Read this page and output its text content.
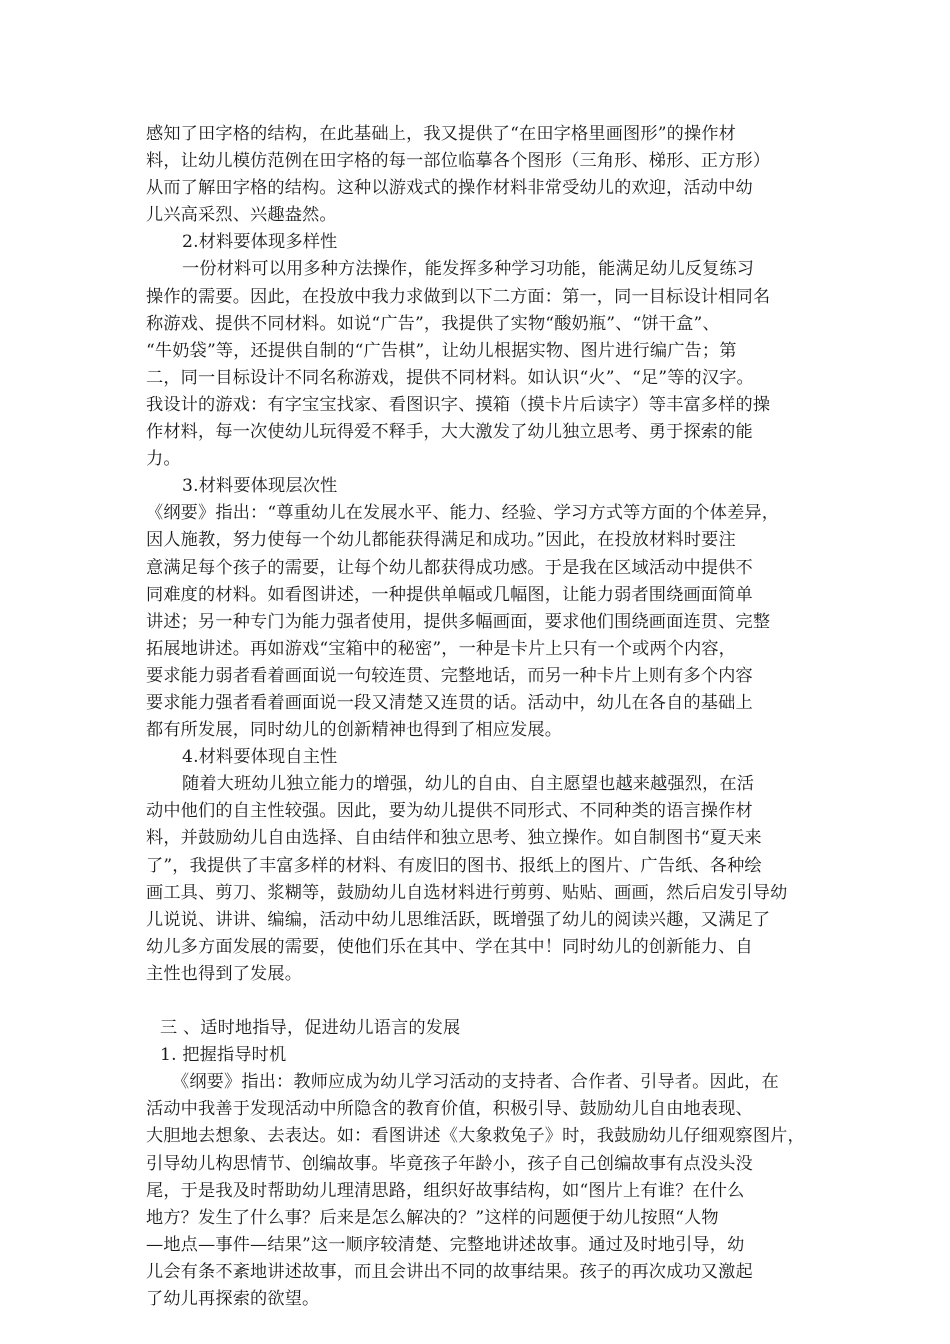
感知了田字格的结构，在此基础上，我又提供了“在田字格里画图形”的操作材
料，让幼儿模仿范例在田字格的每一部位临摹各个图形（三角形、梯形、正方形）
从而了解田字格的结构。这种以游戏式的操作材料非常受幼儿的欢迎，活动中幼
儿兴高采烈、兴趣盎然。
2.材料要体现多样性
一份材料可以用多种方法操作，能发挥多种学习功能，能满足幼儿反复练习
操作的需要。因此，在投放中我力求做到以下二方面：第一，同一目标设计相同名
称游戏、提供不同材料。如说“广告”，我提供了实物“酸奶瓶”、“饼干盒”、
“牛奶袋”等，还提供自制的“广告棋”，让幼儿根据实物、图片进行编广告；第
二，同一目标设计不同名称游戏，提供不同材料。如认识“火”、“足”等的汉字。
我设计的游戏：有字宝宝找家、看图识字、摸箱（摸卡片后读字）等丰富多样的操
作材料，每一次使幼儿玩得爱不释手，大大激发了幼儿独立思考、勇于探索的能
力。
3.材料要体现层次性
《纲要》指出：“尊重幼儿在发展水平、能力、经验、学习方式等方面的个体差异，
因人施教，努力使每一个幼儿都能获得满足和成功。”因此，在投放材料时要注
意满足每个孩子的需要，让每个幼儿都获得成功感。于是我在区域活动中提供不
同难度的材料。如看图讲述，一种提供单幅或几幅图，让能力弱者围绕画面简单
讲述；另一种专门为能力强者使用，提供多幅画面，要求他们围绕画面连贯、完整
拓展地讲述。再如游戏“宝箱中的秘密”，一种是卡片上只有一个或两个内容，
要求能力弱者看着画面说一句较连贯、完整地话，而另一种卡片上则有多个内容
要求能力强者看着画面说一段又清楚又连贯的话。活动中，幼儿在各自的基础上
都有所发展，同时幼儿的创新精神也得到了相应发展。
4.材料要体现自主性
随着大班幼儿独立能力的增强，幼儿的自由、自主愿望也越来越强烈，在活
动中他们的自主性较强。因此，要为幼儿提供不同形式、不同种类的语言操作材
料，并鼓励幼儿自由选择、自由结伴和独立思考、独立操作。如自制图书“夏天来
了”，我提供了丰富多样的材料、有废旧的图书、报纸上的图片、广告纸、各种绘
画工具、剪刀、浆糊等，鼓励幼儿自选材料进行剪剪、贴贴、画画，然后启发引导幼
儿说说、讲讲、编编，活动中幼儿思维活跃，既增强了幼儿的阅读兴趣，又满足了
幼儿多方面发展的需要，使他们乐在其中、学在其中！同时幼儿的创新能力、自
主性也得到了发展。
三 、适时地指导，促进幼儿语言的发展
1. 把握指导时机
《纲要》指出：教师应成为幼儿学习活动的支持者、合作者、引导者。因此，在
活动中我善于发现活动中所隐含的教育价值，积极引导、鼓励幼儿自由地表现、
大胆地去想象、去表达。如：看图讲述《大象救兔子》时，我鼓励幼儿仔细观察图片，
引导幼儿构思情节、创编故事。毕竟孩子年龄小，孩子自己创编故事有点没头没
尾，于是我及时帮助幼儿理清思路，组织好故事结构，如“图片上有谁？在什么
地方？发生了什么事？后来是怎么解决的？”这样的问题便于幼儿按照“人物
—地点—事件—结果”这一顺序较清楚、完整地讲述故事。通过及时地引导，幼
儿会有条不紊地讲述故事，而且会讲出不同的故事结果。孩子的再次成功又激起
了幼儿再探索的欲望。
